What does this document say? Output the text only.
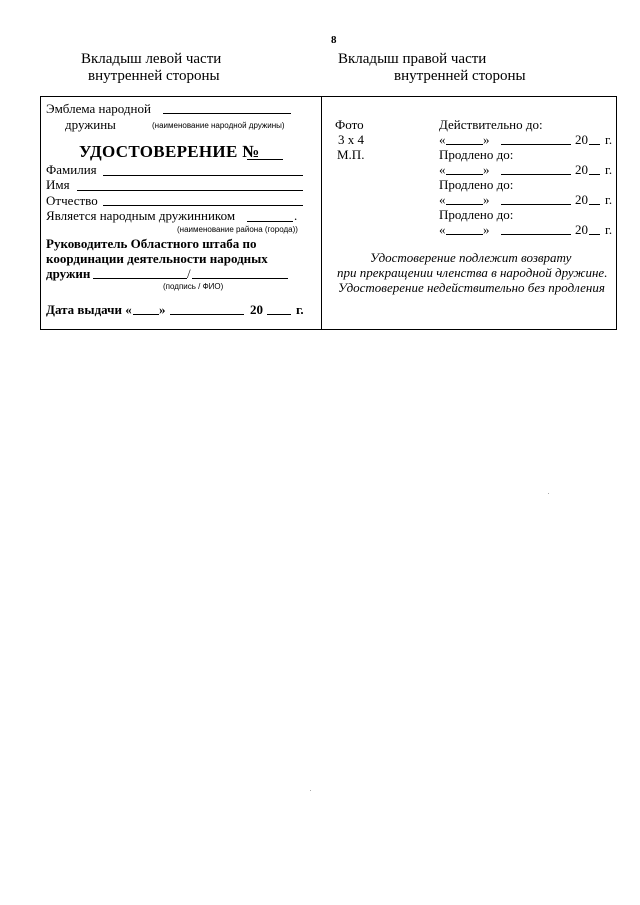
8
Вкладыш левой части
внутренней стороны
Вкладыш правой части
внутренней стороны
Эмблема народной
дружины	(наименование народной дружины)
УДОСТОВЕРЕНИЕ №
Фамилия
Имя
Отчество
Является народным дружинником	.
(наименование района (города))
Руководитель Областного штаба по
координации деятельности народных
дружин	/
(подпись / ФИО)
Дата выдачи « »	20	г.
Фото
3 х 4
М.П.
Действительно до:
«	»	20 г.
Продлено до:
«	»	20 г.
Продлено до:
«	»	20 г.
Продлено до:
«	»	20 г.
Удостоверение подлежит возврату
при прекращении членства в народной дружине.
Удостоверение недействительно без продления
